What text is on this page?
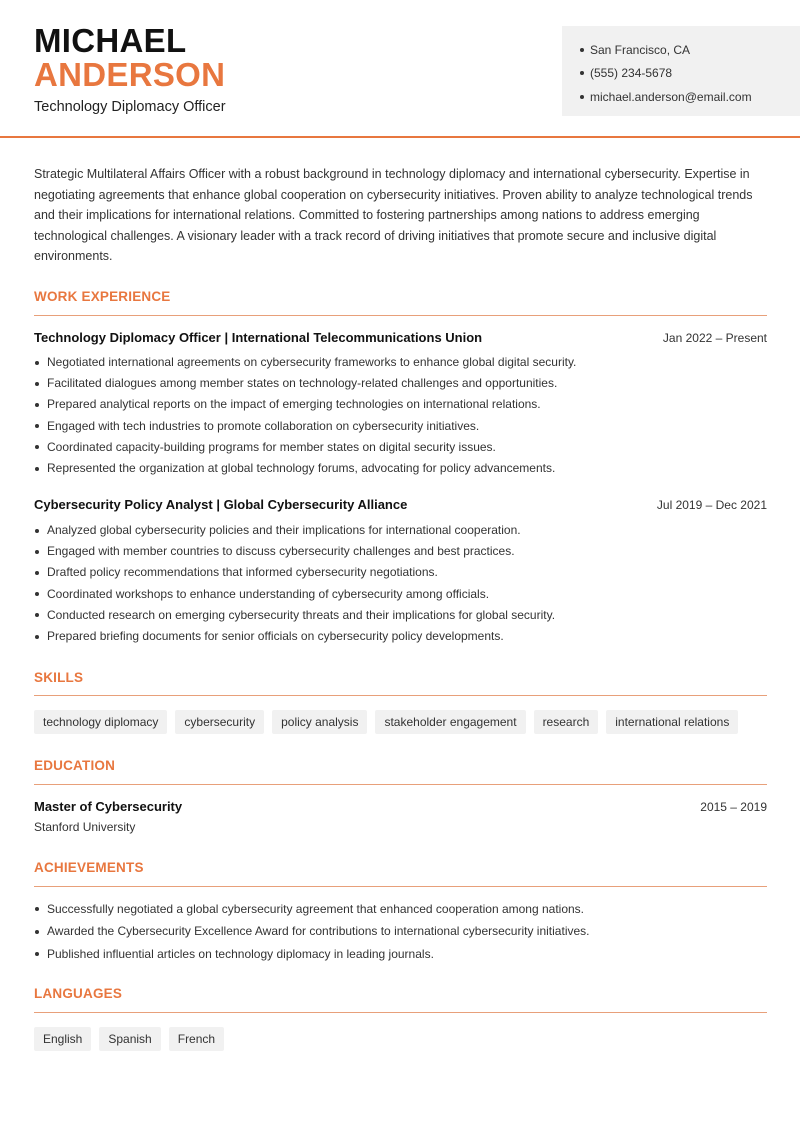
MICHAEL
ANDERSON
Technology Diplomacy Officer
San Francisco, CA
(555) 234-5678
michael.anderson@email.com

Strategic Multilateral Affairs Officer with a robust background in technology diplomacy and international cybersecurity. Expertise in negotiating agreements that enhance global cooperation on cybersecurity initiatives. Proven ability to analyze technological trends and their implications for international relations. Committed to fostering partnerships among nations to address emerging technological challenges. A visionary leader with a track record of driving initiatives that promote secure and inclusive digital environments.

WORK EXPERIENCE
Technology Diplomacy Officer | International Telecommunications Union	Jan 2022 – Present
Negotiated international agreements on cybersecurity frameworks to enhance global digital security.
Facilitated dialogues among member states on technology-related challenges and opportunities.
Prepared analytical reports on the impact of emerging technologies on international relations.
Engaged with tech industries to promote collaboration on cybersecurity initiatives.
Coordinated capacity-building programs for member states on digital security issues.
Represented the organization at global technology forums, advocating for policy advancements.
Cybersecurity Policy Analyst | Global Cybersecurity Alliance	Jul 2019 – Dec 2021
Analyzed global cybersecurity policies and their implications for international cooperation.
Engaged with member countries to discuss cybersecurity challenges and best practices.
Drafted policy recommendations that informed cybersecurity negotiations.
Coordinated workshops to enhance understanding of cybersecurity among officials.
Conducted research on emerging cybersecurity threats and their implications for global security.
Prepared briefing documents for senior officials on cybersecurity policy developments.
SKILLS
technology diplomacy	cybersecurity	policy analysis	stakeholder engagement	research	international relations
EDUCATION
Master of Cybersecurity	2015 – 2019
Stanford University
ACHIEVEMENTS
Successfully negotiated a global cybersecurity agreement that enhanced cooperation among nations.
Awarded the Cybersecurity Excellence Award for contributions to international cybersecurity initiatives.
Published influential articles on technology diplomacy in leading journals.
LANGUAGES
English	Spanish	French
